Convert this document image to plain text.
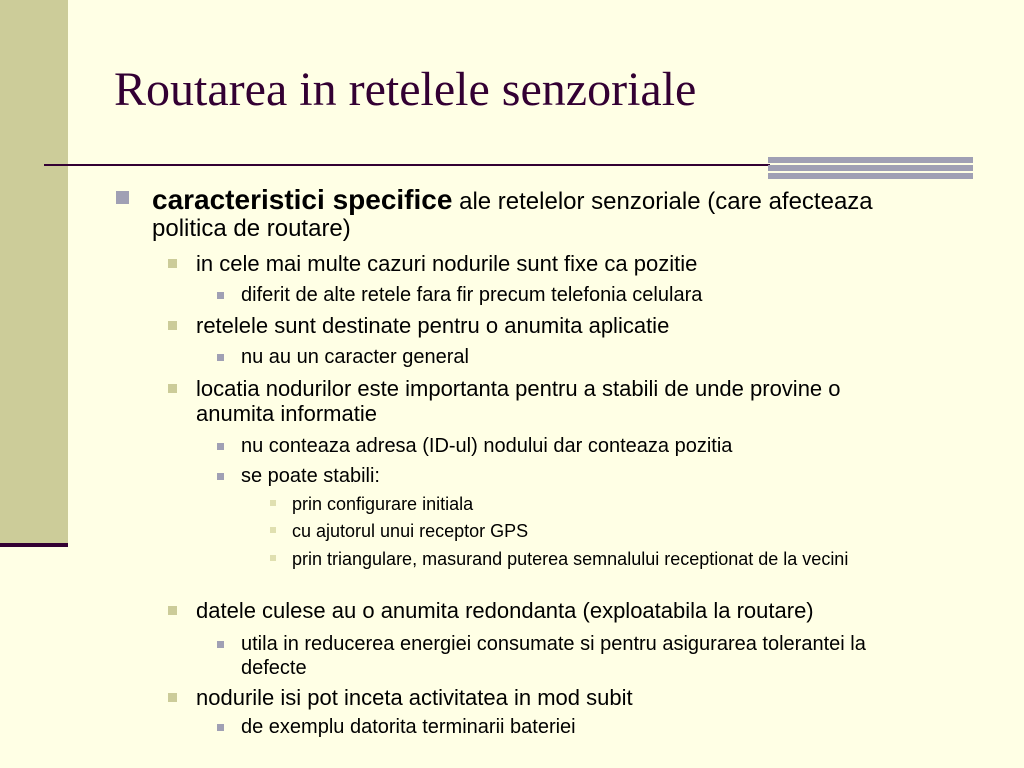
Routarea in retelele senzoriale
caracteristici specifice ale retelelor senzoriale (care afecteaza politica de routare)
in cele mai multe cazuri nodurile sunt fixe ca pozitie
diferit de alte retele fara fir precum telefonia celulara
retelele sunt destinate pentru o anumita aplicatie
nu au un caracter general
locatia nodurilor este importanta pentru a stabili de unde provine o anumita informatie
nu conteaza adresa (ID-ul) nodului dar conteaza pozitia
se poate stabili:
prin configurare initiala
cu ajutorul unui receptor GPS
prin triangulare, masurand puterea semnalului receptionat de la vecini
datele culese au o anumita redondanta (exploatabila la routare)
utila in reducerea energiei consumate si pentru asigurarea tolerantei la defecte
nodurile isi pot inceta activitatea in mod subit
de exemplu datorita terminarii bateriei
